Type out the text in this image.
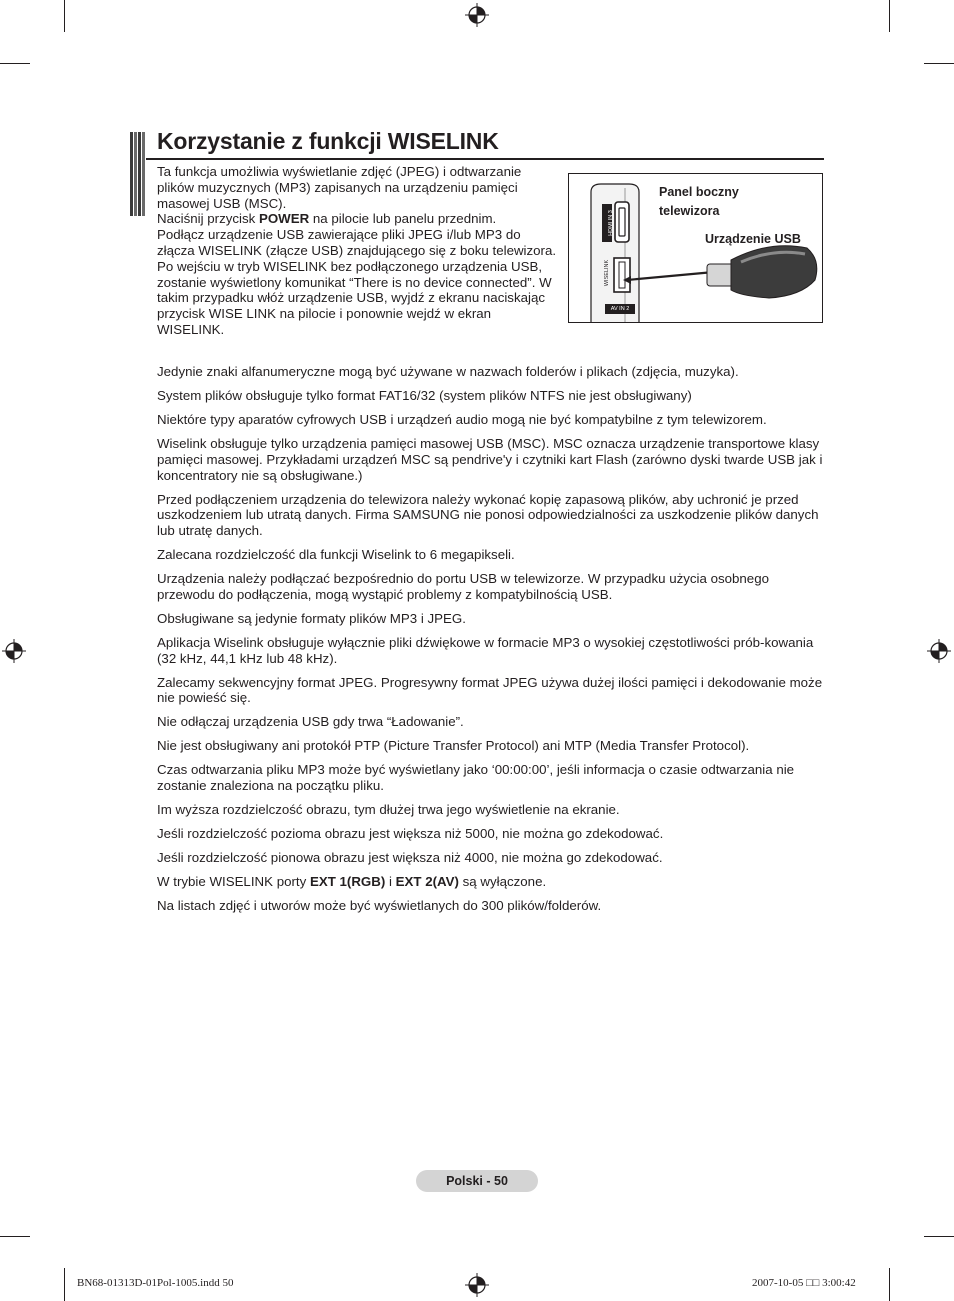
Korzystanie z funkcji WISELINK

Ta funkcja umożliwia wyświetlanie zdjęć (JPEG) i odtwarzanie plików muzycznych (MP3) zapisanych na urządzeniu pamięci masowej USB (MSC).

Naciśnij przycisk POWER na pilocie lub panelu przednim.

Podłącz urządzenie USB zawierające pliki JPEG i/lub MP3 do złącza WISELINK (złącze USB) znajdującego się z boku telewizora.

Po wejściu w tryb WISELINK bez podłączonego urządzenia USB, zostanie wyświetlony komunikat “There is no device connected”. W takim przypadku włóż urządzenie USB, wyjdź z ekranu naciskając przycisk WISE LINK na pilocie i ponownie wejdź w ekran WISELINK.

Panel boczny
telewizora
Urządzenie USB
HDMI IN 3
WISELINK
AV IN 2

Jedynie znaki alfanumeryczne mogą być używane w nazwach folderów i plikach (zdjęcia, muzyka).

System plików obsługuje tylko format FAT16/32 (system plików NTFS nie jest obsługiwany)

Niektóre typy aparatów cyfrowych USB i urządzeń audio mogą nie być kompatybilne z tym telewizorem.

Wiselink obsługuje tylko urządzenia pamięci masowej USB (MSC). MSC oznacza urządzenie transportowe klasy pamięci masowej. Przykładami urządzeń MSC są pendrive'y i czytniki kart Flash (zarówno dyski twarde USB jak i koncentratory nie są obsługiwane.)

Przed podłączeniem urządzenia do telewizora należy wykonać kopię zapasową plików, aby uchronić je przed uszkodzeniem lub utratą danych. Firma SAMSUNG nie ponosi odpowiedzialności za uszkodzenie plików danych lub utratę danych.

Zalecana rozdzielczość dla funkcji Wiselink to 6 megapikseli.

Urządzenia należy podłączać bezpośrednio do portu USB w telewizorze. W przypadku użycia osobnego przewodu do podłączenia, mogą wystąpić problemy z kompatybilnością USB.

Obsługiwane są jedynie formaty plików MP3 i JPEG.

Aplikacja Wiselink obsługuje wyłącznie pliki dźwiękowe w formacie MP3 o wysokiej częstotliwości prób-kowania (32 kHz, 44,1 kHz lub 48 kHz).

Zalecamy sekwencyjny format JPEG. Progresywny format JPEG używa dużej ilości pamięci i dekodowanie może nie powieść się.

Nie odłączaj urządzenia USB gdy trwa “Ładowanie”.

Nie jest obsługiwany ani protokół PTP (Picture Transfer Protocol) ani MTP (Media Transfer Protocol).

Czas odtwarzania pliku MP3 może być wyświetlany jako ‘00:00:00’, jeśli informacja o czasie odtwarzania nie zostanie znaleziona na początku pliku.

Im wyższa rozdzielczość obrazu, tym dłużej trwa jego wyświetlenie na ekranie.

Jeśli rozdzielczość pozioma obrazu jest większa niż 5000, nie można go zdekodować.

Jeśli rozdzielczość pionowa obrazu jest większa niż 4000, nie można go zdekodować.

W trybie WISELINK porty EXT 1(RGB) i EXT 2(AV) są wyłączone.

Na listach zdjęć i utworów może być wyświetlanych do 300 plików/folderów.

Polski - 50
BN68-01313D-01Pol-1005.indd 50	2007-10-05 □□ 3:00:42
